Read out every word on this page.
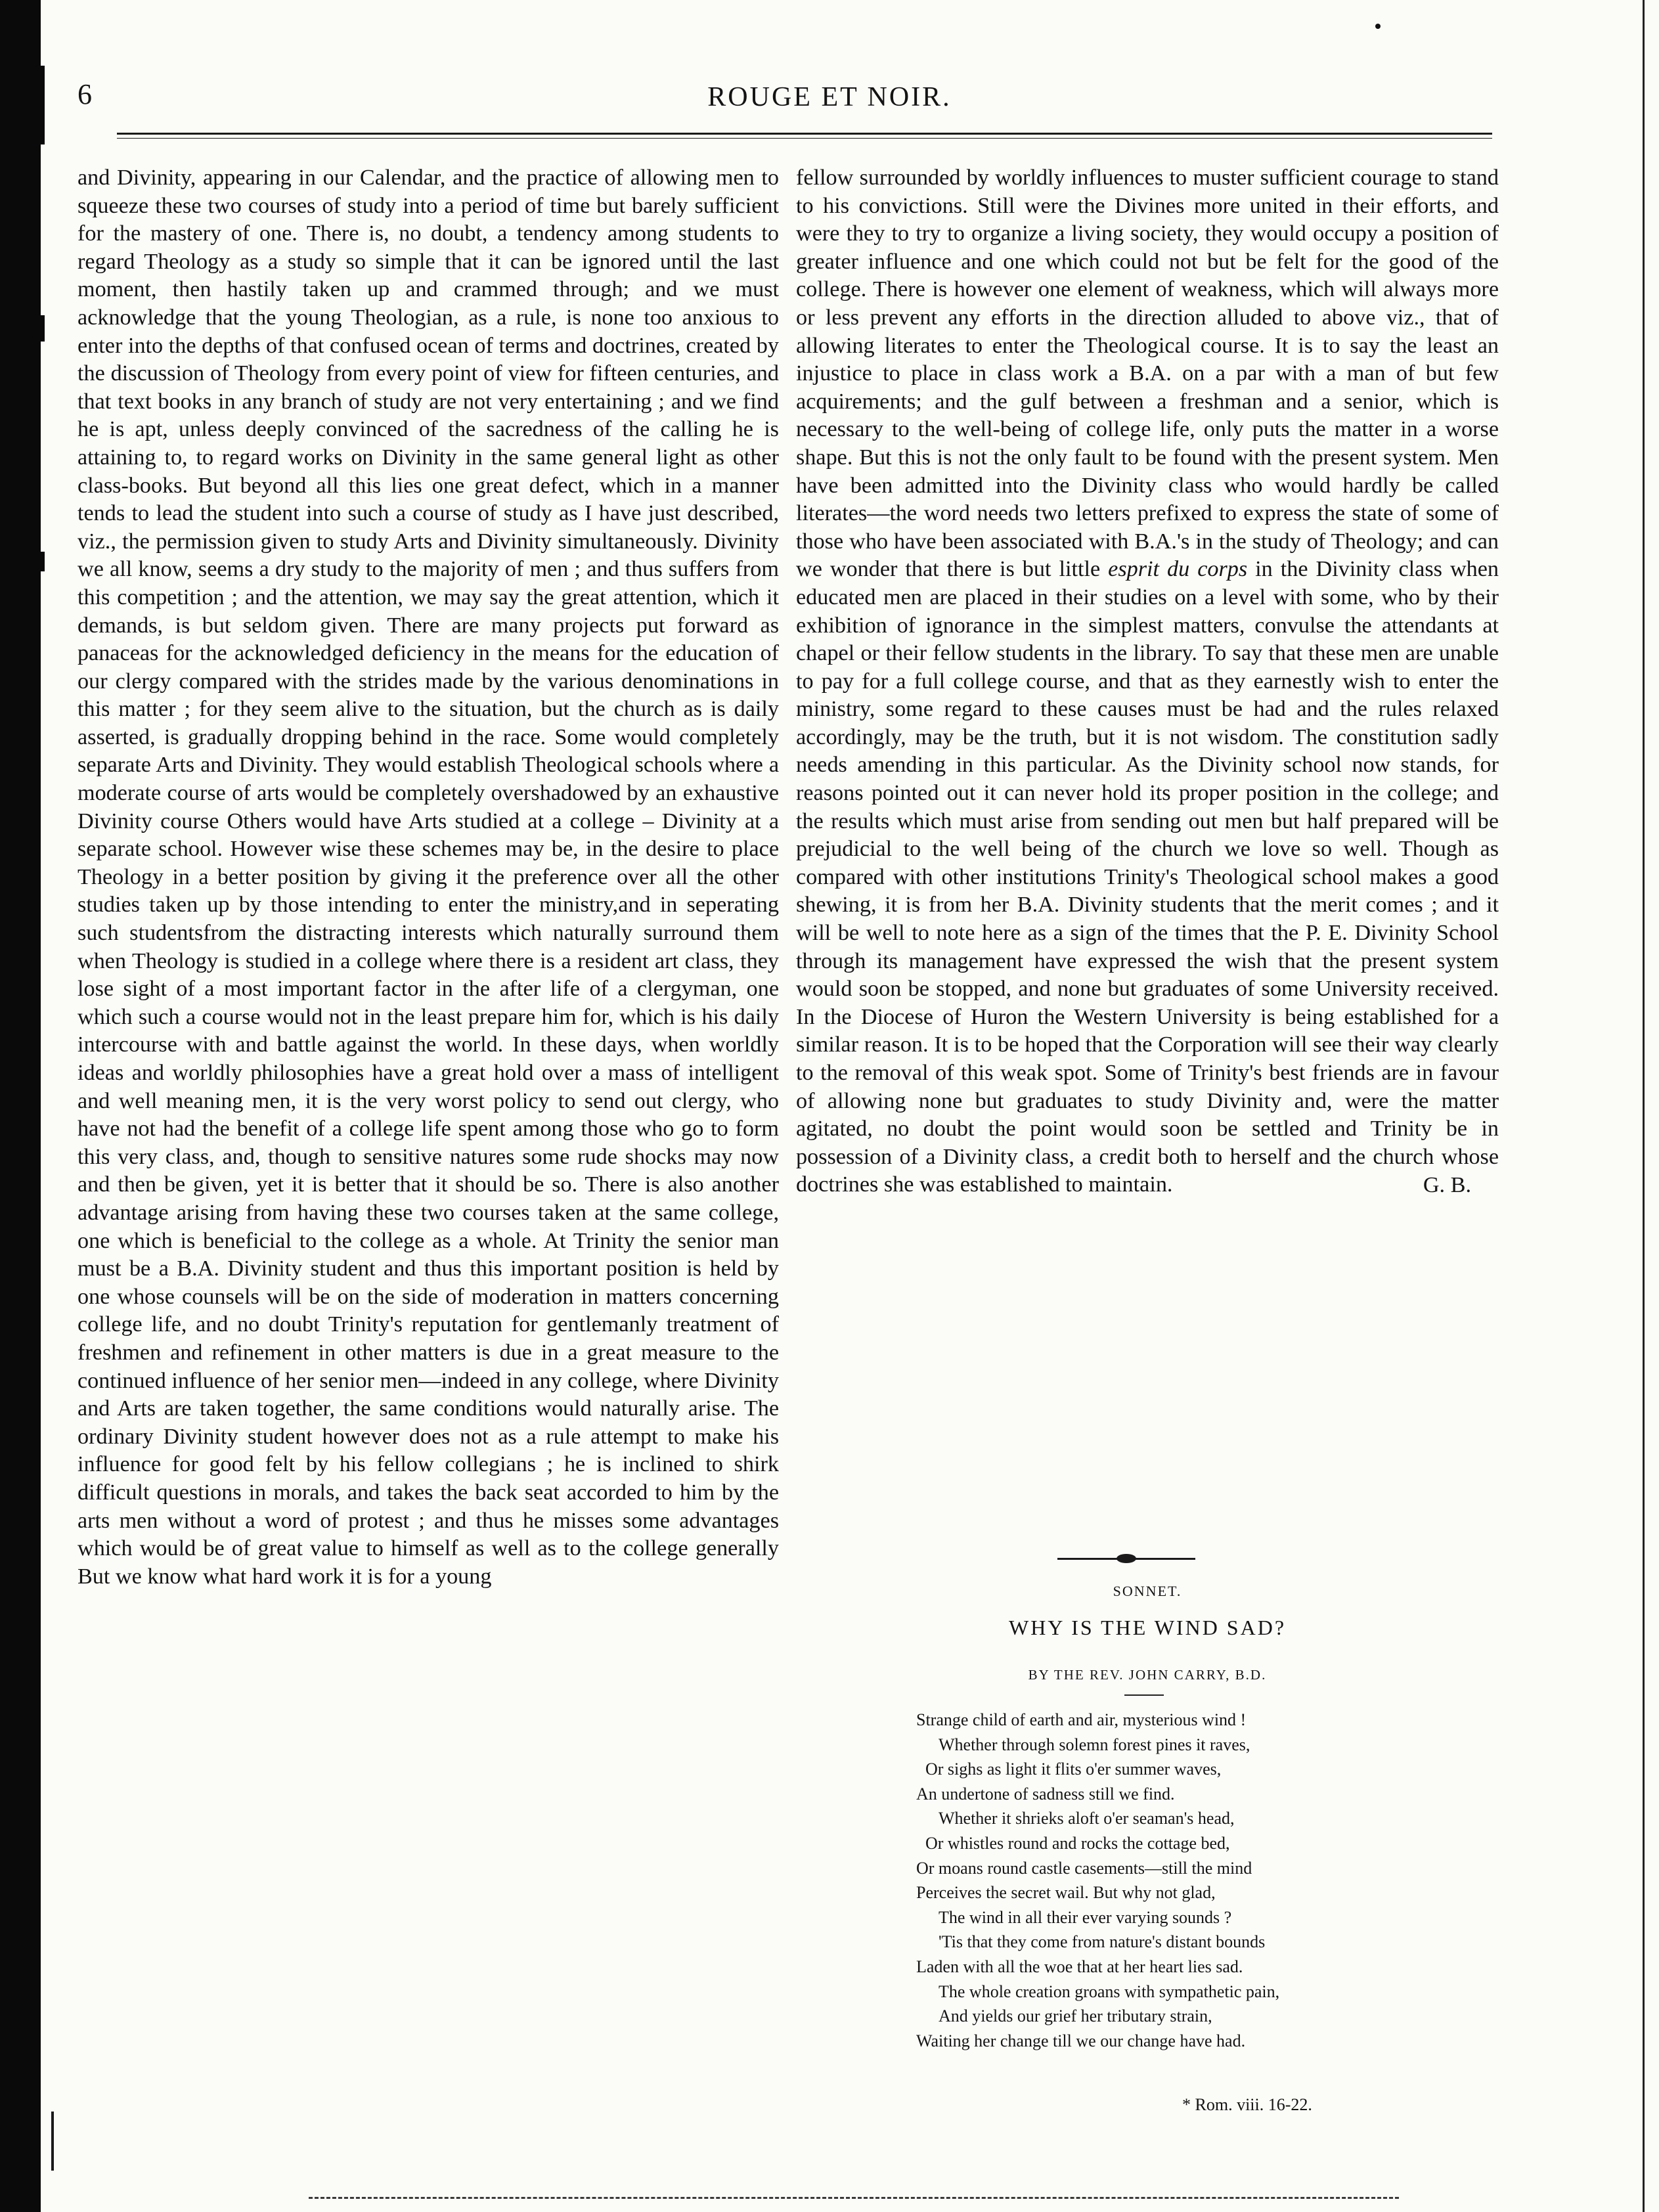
6	ROUGE ET NOIR.

and Divinity, appearing in our Calendar, and the practice of allowing men to squeeze these two courses of study into a period of time but barely sufficient for the mastery of one. There is, no doubt, a tendency among students to regard Theology as a study so simple that it can be ignored until the last moment, then hastily taken up and crammed through; and we must acknowledge that the young Theologian, as a rule, is none too anxious to enter into the depths of that confused ocean of terms and doctrines, created by the discussion of Theology from every point of view for fifteen centuries, and that text books in any branch of study are not very entertaining ; and we find he is apt, unless deeply convinced of the sacredness of the calling he is attaining to, to regard works on Divinity in the same general light as other class-books. But beyond all this lies one great defect, which in a manner tends to lead the student into such a course of study as I have just described, viz., the permission given to study Arts and Divinity simultaneously. Divinity we all know, seems a dry study to the majority of men ; and thus suffers from this competition ; and the attention, we may say the great attention, which it demands, is but seldom given. There are many projects put forward as panaceas for the acknowledged deficiency in the means for the education of our clergy compared with the strides made by the various denominations in this matter ; for they seem alive to the situation, but the church as is daily asserted, is gradually dropping behind in the race. Some would completely separate Arts and Divinity. They would establish Theological schools where a moderate course of arts would be completely overshadowed by an exhaustive Divinity course Others would have Arts studied at a college – Divinity at a separate school. However wise these schemes may be, in the desire to place Theology in a better position by giving it the preference over all the other studies taken up by those intending to enter the ministry,and in seperating such studentsfrom the distracting interests which naturally surround them when Theology is studied in a college where there is a resident art class, they lose sight of a most important factor in the after life of a clergyman, one which such a course would not in the least prepare him for, which is his daily intercourse with and battle against the world. In these days, when worldly ideas and worldly philosophies have a great hold over a mass of intelligent and well meaning men, it is the very worst policy to send out clergy, who have not had the benefit of a college life spent among those who go to form this very class, and, though to sensitive natures some rude shocks may now and then be given, yet it is better that it should be so. There is also another advantage arising from having these two courses taken at the same college, one which is beneficial to the college as a whole. At Trinity the senior man must be a B.A. Divinity student and thus this important position is held by one whose counsels will be on the side of moderation in matters concerning college life, and no doubt Trinity's reputation for gentlemanly treatment of freshmen and refinement in other matters is due in a great measure to the continued influence of her senior men—indeed in any college, where Divinity and Arts are taken together, the same conditions would naturally arise. The ordinary Divinity student however does not as a rule attempt to make his influence for good felt by his fellow collegians ; he is inclined to shirk difficult questions in morals, and takes the back seat accorded to him by the arts men without a word of protest ; and thus he misses some advantages which would be of great value to himself as well as to the college generally But we know what hard work it is for a young

fellow surrounded by worldly influences to muster sufficient courage to stand to his convictions. Still were the Divines more united in their efforts, and were they to try to organize a living society, they would occupy a position of greater influence and one which could not but be felt for the good of the college. There is however one element of weakness, which will always more or less prevent any efforts in the direction alluded to above viz., that of allowing literates to enter the Theological course. It is to say the least an injustice to place in class work a B.A. on a par with a man of but few acquirements; and the gulf between a freshman and a senior, which is necessary to the well-being of college life, only puts the matter in a worse shape. But this is not the only fault to be found with the present system. Men have been admitted into the Divinity class who would hardly be called literates—the word needs two letters prefixed to express the state of some of those who have been associated with B.A.'s in the study of Theology; and can we wonder that there is but little esprit du corps in the Divinity class when educated men are placed in their studies on a level with some, who by their exhibition of ignorance in the simplest matters, convulse the attendants at chapel or their fellow students in the library. To say that these men are unable to pay for a full college course, and that as they earnestly wish to enter the ministry, some regard to these causes must be had and the rules relaxed accordingly, may be the truth, but it is not wisdom. The constitution sadly needs amending in this particular. As the Divinity school now stands, for reasons pointed out it can never hold its proper position in the college; and the results which must arise from sending out men but half prepared will be prejudicial to the well being of the church we love so well. Though as compared with other institutions Trinity's Theological school makes a good shewing, it is from her B.A. Divinity students that the merit comes ; and it will be well to note here as a sign of the times that the P. E. Divinity School through its management have expressed the wish that the present system would soon be stopped, and none but graduates of some University received. In the Diocese of Huron the Western University is being established for a similar reason. It is to be hoped that the Corporation will see their way clearly to the removal of this weak spot. Some of Trinity's best friends are in favour of allowing none but graduates to study Divinity and, were the matter agitated, no doubt the point would soon be settled and Trinity be in possession of a Divinity class, a credit both to herself and the church whose doctrines she was established to maintain.	G. B.
SONNET.
WHY IS THE WIND SAD?
BY THE REV. JOHN CARRY, B.D.
Strange child of earth and air, mysterious wind !
Whether through solemn forest pines it raves,
Or sighs as light it flits o'er summer waves,
An undertone of sadness still we find.
Whether it shrieks aloft o'er seaman's head,
Or whistles round and rocks the cottage bed,
Or moans round castle casements—still the mind
Perceives the secret wail. But why not glad,
The wind in all their ever varying sounds ?
'Tis that they come from nature's distant bounds
Laden with all the woe that at her heart lies sad.
The whole creation groans with sympathetic pain,
And yields our grief her tributary strain,
Waiting her change till we our change have had.
* Rom. viii. 16-22.
